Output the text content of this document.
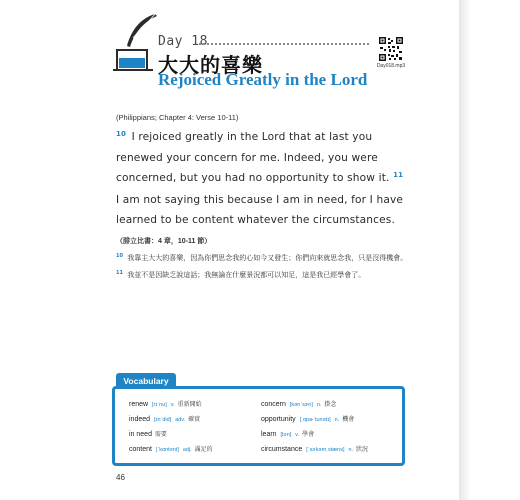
Day 18
大大的喜樂
Rejoiced Greatly in the Lord
Day018.mp3
(Philippians; Chapter 4: Verse 10-11)
$^{10}$ I rejoiced greatly in the Lord that at last you renewed your concern for me. Indeed, you were concerned, but you had no opportunity to show it. $^{11}$ I am not saying this because I am in need, for I have learned to be content whatever the circumstances.
（腓立比書：4 章，10-11 節）
$^{10}$ 我靠主大大的喜樂，因為你們思念我的心如今又發生；你們向來就思念我，只是沒得機會。 $^{11}$ 我並不是因缺乏說這話；我無論在什麼景況都可以知足，這是我已經學會了。
renew [rɪˈnu] v. 重新開始
indeed [ɪnˈdid] adv. 確實
in need 需要
content [ˈkɑntənt] adj. 滿足的
concern [kənˈsɝn] n. 掛念
opportunity [ˌɑpɚˈtunətɪ] n. 機會
learn [lɝn] v. 學會
circumstance [ˈsɝkəmˌstæns] n. 狀況
Vocabulary
46
